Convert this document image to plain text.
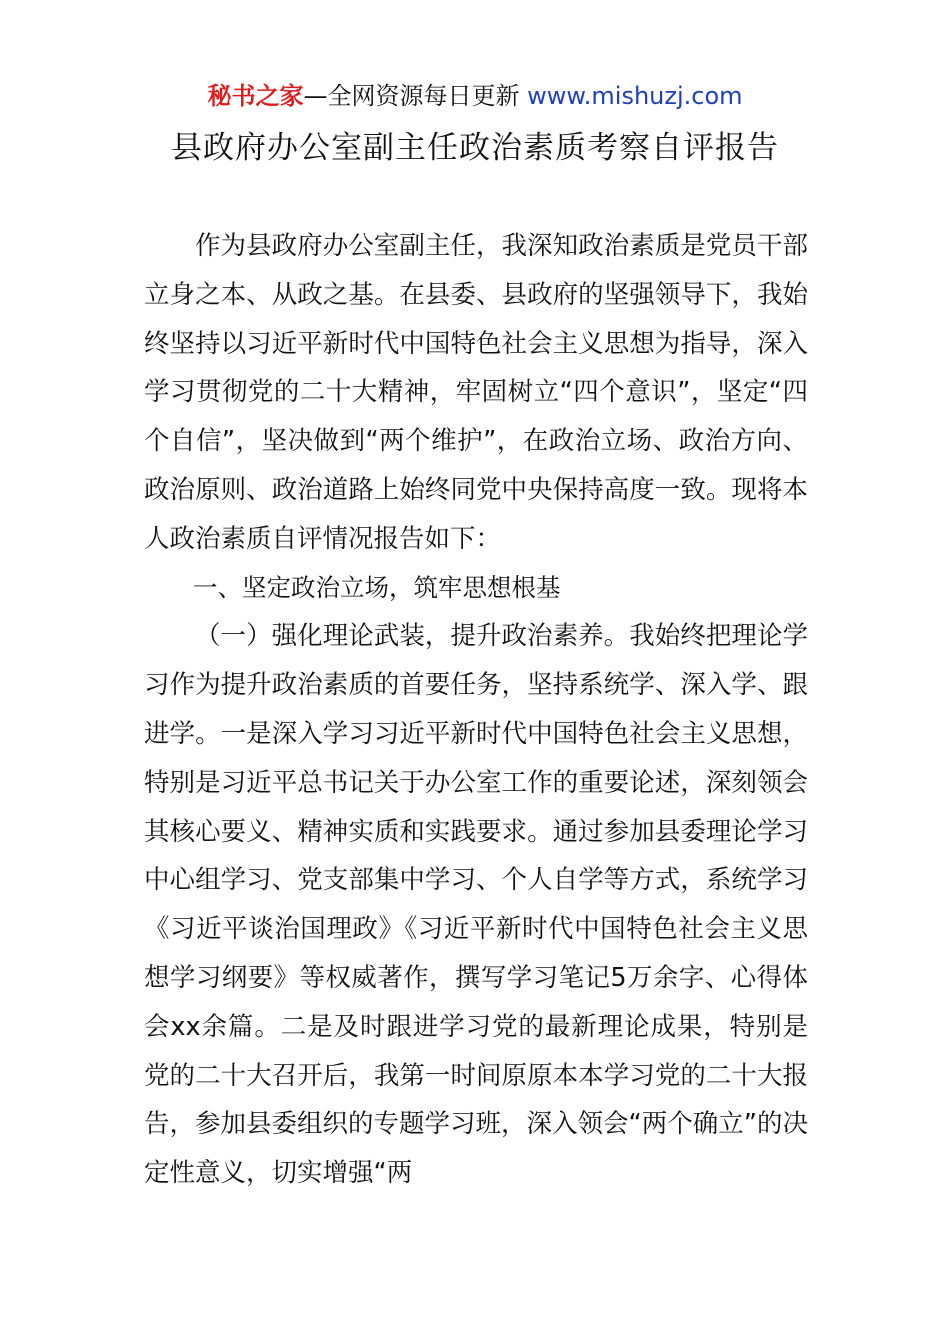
秘书之家—全网资源每日更新 www.mishuzj.com
县政府办公室副主任政治素质考察自评报告

作为县政府办公室副主任，我深知政治素质是党员干部立身之本、从政之基。在县委、县政府的坚强领导下，我始终坚持以习近平新时代中国特色社会主义思想为指导，深入学习贯彻党的二十大精神，牢固树立“四个意识”，坚定“四个自信”，坚决做到“两个维护”，在政治立场、政治方向、政治原则、政治道路上始终同党中央保持高度一致。现将本人政治素质自评情况报告如下：

一、坚定政治立场，筑牢思想根基

（一）强化理论武装，提升政治素养。我始终把理论学习作为提升政治素质的首要任务，坚持系统学、深入学、跟进学。一是深入学习习近平新时代中国特色社会主义思想，特别是习近平总书记关于办公室工作的重要论述，深刻领会其核心要义、精神实质和实践要求。通过参加县委理论学习中心组学习、党支部集中学习、个人自学等方式，系统学习《习近平谈治国理政》《习近平新时代中国特色社会主义思想学习纲要》等权威著作，撰写学习笔记5万余字、心得体会xx余篇。二是及时跟进学习党的最新理论成果，特别是党的二十大召开后，我第一时间原原本本学习党的二十大报告，参加县委组织的专题学习班，深入领会“两个确立”的决定性意义，切实增强“两
